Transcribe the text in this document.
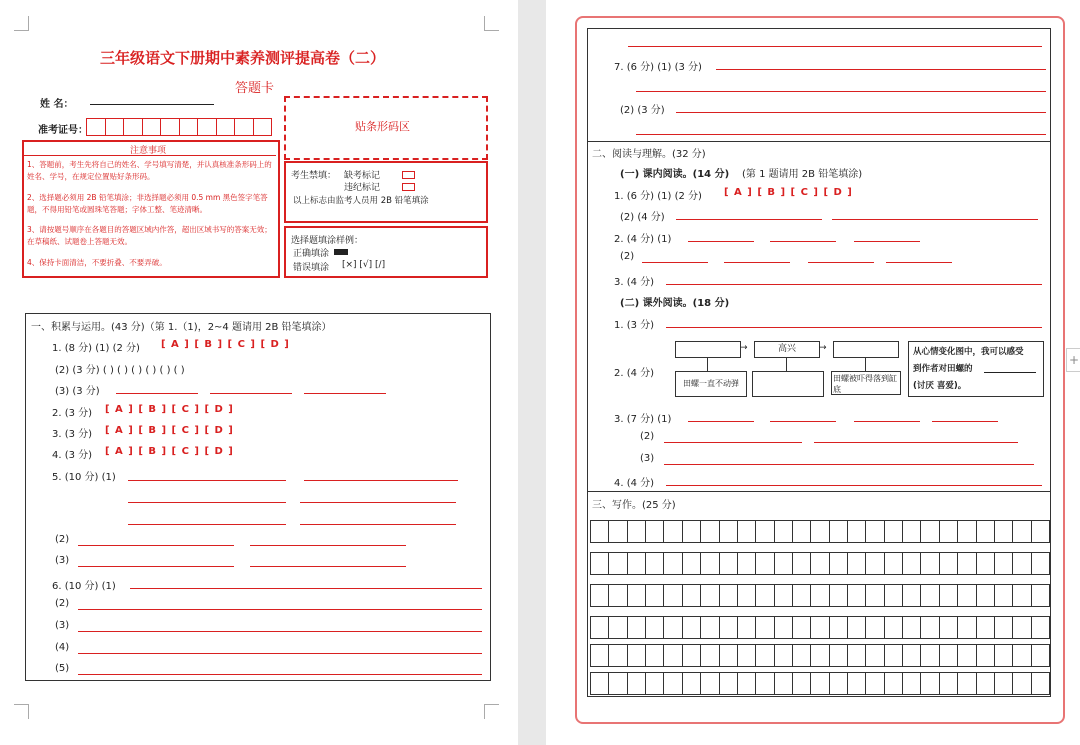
三年级语文下册期中素养测评提高卷（二）
答题卡
姓 名：
准考证号：	贴条形码区
注意事项
1、答题前，考生先将自己的姓名、学号填写清楚，并认真核准条形码上的姓名、学号，在规定位置贴好条形码。
2、选择题必须用 2B 铅笔填涂；非选择题必须用 0.5 mm 黑色签字笔答题，不得用铅笔或圆珠笔答题；字体工整、笔迹清晰。
3、请按题号顺序在各题目的答题区域内作答，超出区域书写的答案无效；在草稿纸、试题卷上答题无效。
4、保持卡面清洁，不要折叠、不要弄破。
考生禁填： 缺考标记
违纪标记
以上标志由监考人员用 2B 铅笔填涂
选择题填涂样例：
正确填涂
错误填涂 [×] [√] [/]
一、积累与运用。(43 分)（第 1.（1)，2~4 题请用 2B 铅笔填涂）
1. (8 分) (1) (2 分) [ A ] [ B ] [ C ] [ D ]
(2) (3 分) ( ) ( ) ( ) ( ) ( ) ( )
(3) (3 分)
2. (3 分) [ A ] [ B ] [ C ] [ D ]
3. (3 分) [ A ] [ B ] [ C ] [ D ]
4. (3 分) [ A ] [ B ] [ C ] [ D ]
5. (10 分) (1)
(2)
(3)
6. (10 分) (1)
(2)
(3)
(4)
(5)
7. (6 分) (1) (3 分)
(2) (3 分)
二、阅读与理解。(32 分)
(一) 课内阅读。(14 分) (第 1 题请用 2B 铅笔填涂)
1. (6 分) (1) (2 分) [ A ] [ B ] [ C ] [ D ]
(2) (4 分)
2. (4 分) (1)
(2)
3. (4 分)
(二) 课外阅读。(18 分)
1. (3 分)
2. (4 分)
高兴
→	→
田螺一直不动弹
田螺被吓得落到缸底
从心情变化图中，我可以感受
到作者对田螺的
(讨厌 喜爱)。
3. (7 分) (1)
(2)
(3)
4. (4 分)
三、写作。(25 分)
+
